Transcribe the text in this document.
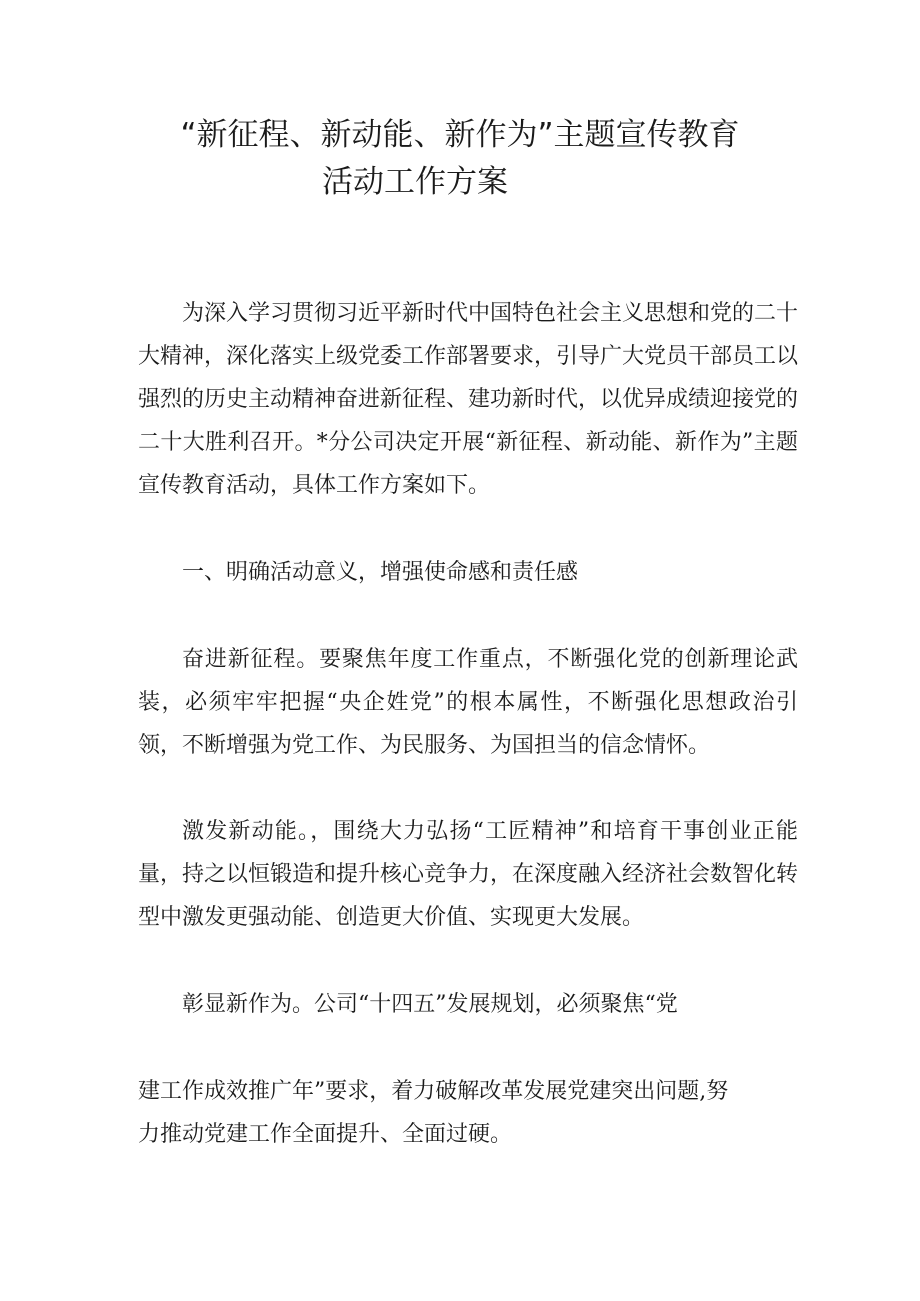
“新征程、新动能、新作为”主题宣传教育
活动工作方案

为深入学习贯彻习近平新时代中国特色社会主义思想和党的二十大精神，深化落实上级党委工作部署要求，引导广大党员干部员工以强烈的历史主动精神奋进新征程、建功新时代，以优异成绩迎接党的二十大胜利召开。*分公司决定开展“新征程、新动能、新作为”主题宣传教育活动，具体工作方案如下。

一、明确活动意义，增强使命感和责任感

奋进新征程。要聚焦年度工作重点，不断强化党的创新理论武装，必须牢牢把握“央企姓党”的根本属性，不断强化思想政治引领，不断增强为党工作、为民服务、为国担当的信念情怀。

激发新动能。，围绕大力弘扬“工匠精神”和培育干事创业正能量，持之以恒锻造和提升核心竞争力，在深度融入经济社会数智化转型中激发更强动能、创造更大价值、实现更大发展。

彰显新作为。公司“十四五”发展规划，必须聚焦“党

建工作成效推广年”要求，着力破解改革发展党建突出问题,努

力推动党建工作全面提升、全面过硬。
